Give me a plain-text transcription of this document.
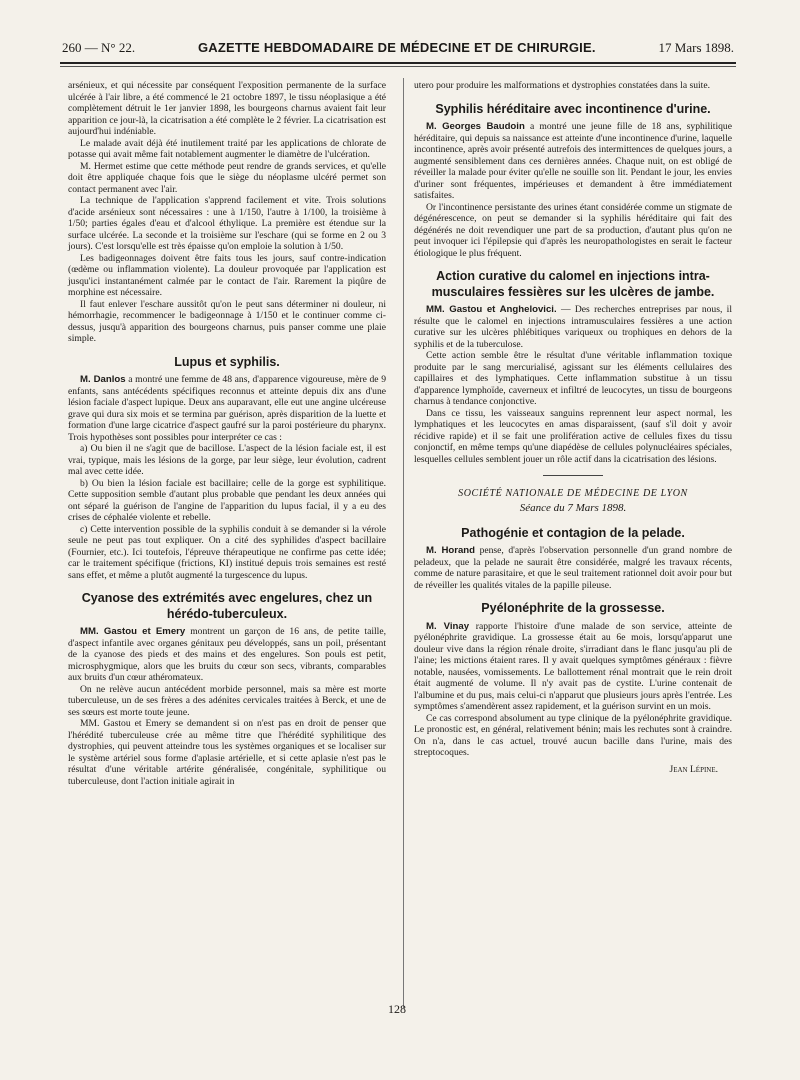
260 — N° 22.	GAZETTE HEBDOMADAIRE DE MÉDECINE ET DE CHIRURGIE.	17 Mars 1898.

arsénieux, et qui nécessite par conséquent l'exposition permanente de la surface ulcérée à l'air libre, a été commencé le 21 octobre 1897, le tissu néoplasique a été complètement détruit le 1er janvier 1898, les bourgeons charnus avaient fait leur apparition ce jour-là, la cicatrisation a été complète le 2 février. La cicatrisation est aujourd'hui indéniable.

Le malade avait déjà été inutilement traité par les applications de chlorate de potasse qui avait même fait notablement augmenter le diamètre de l'ulcération.

M. Hermet estime que cette méthode peut rendre de grands services, et qu'elle doit être appliquée chaque fois que le siège du néoplasme ulcéré permet son contact permanent avec l'air.

La technique de l'application s'apprend facilement et vite. Trois solutions d'acide arsénieux sont nécessaires : une à 1/150, l'autre à 1/100, la troisième à 1/50; parties égales d'eau et d'alcool éthylique. La première est étendue sur la surface ulcérée. La seconde et la troisième sur l'eschare (qui se forme en 2 ou 3 jours). C'est lorsqu'elle est très épaisse qu'on emploie la solution à 1/50.

Les badigeonnages doivent être faits tous les jours, sauf contre-indication (œdème ou inflammation violente). La douleur provoquée par l'application est jusqu'ici instantanément calmée par le contact de l'air. Rarement la piqûre de morphine est nécessaire.

Il faut enlever l'eschare aussitôt qu'on le peut sans déterminer ni douleur, ni hémorrhagie, recommencer le badigeonnage à 1/150 et le continuer comme ci-dessus, jusqu'à apparition des bourgeons charnus, puis panser comme une plaie simple.

Lupus et syphilis.

M. Danlos a montré une femme de 48 ans, d'apparence vigoureuse, mère de 9 enfants, sans antécédents spécifiques reconnus et atteinte depuis dix ans d'une lésion faciale d'aspect lupique. Deux ans auparavant, elle eut une angine ulcéreuse grave qui dura six mois et se termina par guérison, après disparition de la luette et formation d'une large cicatrice d'aspect gaufré sur la paroi postérieure du pharynx. Trois hypothèses sont possibles pour interpréter ce cas :

a) Ou bien il ne s'agit que de bacillose. L'aspect de la lésion faciale est, il est vrai, typique, mais les lésions de la gorge, par leur siège, leur évolution, cadrent mal avec cette idée.

b) Ou bien la lésion faciale est bacillaire; celle de la gorge est syphilitique. Cette supposition semble d'autant plus probable que pendant les deux années qui ont séparé la guérison de l'angine de l'apparition du lupus facial, il y a eu des crises de céphalée violente et rebelle.

c) Cette intervention possible de la syphilis conduit à se demander si la vérole seule ne peut pas tout expliquer. On a cité des syphilides d'aspect bacillaire (Fournier, etc.). Ici toutefois, l'épreuve thérapeutique ne confirme pas cette idée; car le traitement spécifique (frictions, KI) institué depuis trois semaines est resté sans effet, et même a plutôt augmenté la turgescence du lupus.

Cyanose des extrémités avec engelures, chez un hérédo-tuberculeux.

MM. Gastou et Emery montrent un garçon de 16 ans, de petite taille, d'aspect infantile avec organes génitaux peu développés, sans un poil, présentant de la cyanose des pieds et des mains et des engelures. Son pouls est petit, microsphygmique, alors que les bruits du cœur son secs, vibrants, comparables aux bruits d'un cœur athéromateux.

On ne relève aucun antécédent morbide personnel, mais sa mère est morte tuberculeuse, un de ses frères a des adénites cervicales traitées à Berck, et une de ses sœurs est morte toute jeune.

MM. Gastou et Emery se demandent si on n'est pas en droit de penser que l'hérédité tuberculeuse crée au même titre que l'hérédité syphilitique des dystrophies, qui peuvent atteindre tous les systèmes organiques et se localiser sur le système artériel sous forme d'aplasie artérielle, et si cette aplasie n'est pas le résultat d'une véritable artérite généralisée, congénitale, syphilitique ou tuberculeuse, dont l'action initiale agirait in

utero pour produire les malformations et dystrophies constatées dans la suite.

Syphilis héréditaire avec incontinence d'urine.

M. Georges Baudoin a montré une jeune fille de 18 ans, syphilitique héréditaire, qui depuis sa naissance est atteinte d'une incontinence d'urine, laquelle incontinence, après avoir présenté autrefois des intermittences de quelques jours, a augmenté sensiblement dans ces dernières années. Chaque nuit, on est obligé de réveiller la malade pour éviter qu'elle ne souille son lit. Pendant le jour, les envies d'uriner sont fréquentes, impérieuses et demandent à être immédiatement satisfaites.

Or l'incontinence persistante des urines étant considérée comme un stigmate de dégénérescence, on peut se demander si la syphilis héréditaire qui fait des dégénérés ne doit revendiquer une part de sa production, d'autant plus qu'on ne peut invoquer ici l'épilepsie qui d'après les neuropathologistes en serait le facteur étiologique le plus fréquent.

Action curative du calomel en injections intra-musculaires fessières sur les ulcères de jambe.

MM. Gastou et Anghelovici. — Des recherches entreprises par nous, il résulte que le calomel en injections intramusculaires fessières a une action curative sur les ulcères phlébitiques variqueux ou trophiques en dehors de la syphilis et de la tuberculose.

Cette action semble être le résultat d'une véritable inflammation toxique produite par le sang mercurialisé, agissant sur les éléments cellulaires des capillaires et des lymphatiques. Cette inflammation substitue à un tissu d'apparence lymphoïde, caverneux et infiltré de leucocytes, un tissu de bourgeons charnus à tendance conjonctive.

Dans ce tissu, les vaisseaux sanguins reprennent leur aspect normal, les lymphatiques et les leucocytes en amas disparaissent, (sauf s'il doit y avoir récidive rapide) et il se fait une prolifération active de cellules fixes du tissu conjonctif, en même temps qu'une diapédèse de cellules polynucléaires spéciales, lesquelles cellules semblent jouer un rôle actif dans la cicatrisation des lésions.

SOCIÉTÉ NATIONALE DE MÉDECINE DE LYON
Séance du 7 Mars 1898.
Pathogénie et contagion de la pelade.

M. Horand pense, d'après l'observation personnelle d'un grand nombre de peladeux, que la pelade ne saurait être considérée, malgré les travaux récents, comme de nature parasitaire, et que le seul traitement rationnel doit avoir pour but de réveiller les qualités vitales de la papille pileuse.

Pyélonéphrite de la grossesse.

M. Vinay rapporte l'histoire d'une malade de son service, atteinte de pyélonéphrite gravidique. La grossesse était au 6e mois, lorsqu'apparut une douleur vive dans la région rénale droite, s'irradiant dans le flanc jusqu'au pli de l'aine; les mictions étaient rares. Il y avait quelques symptômes généraux : fièvre notable, nausées, vomissements. Le ballottement rénal montrait que le rein droit était augmenté de volume. Il n'y avait pas de cystite. L'urine contenait de l'albumine et du pus, mais celui-ci n'apparut que plusieurs jours après l'entrée. Les symptômes s'amendèrent assez rapidement, et la guérison survint en un mois.

Ce cas correspond absolument au type clinique de la pyélonéphrite gravidique. Le pronostic est, en général, relativement bénin; mais les rechutes sont à craindre. On n'a, dans le cas actuel, trouvé aucun bacille dans l'urine, mais des streptocoques.

Jean Lépine.
128
